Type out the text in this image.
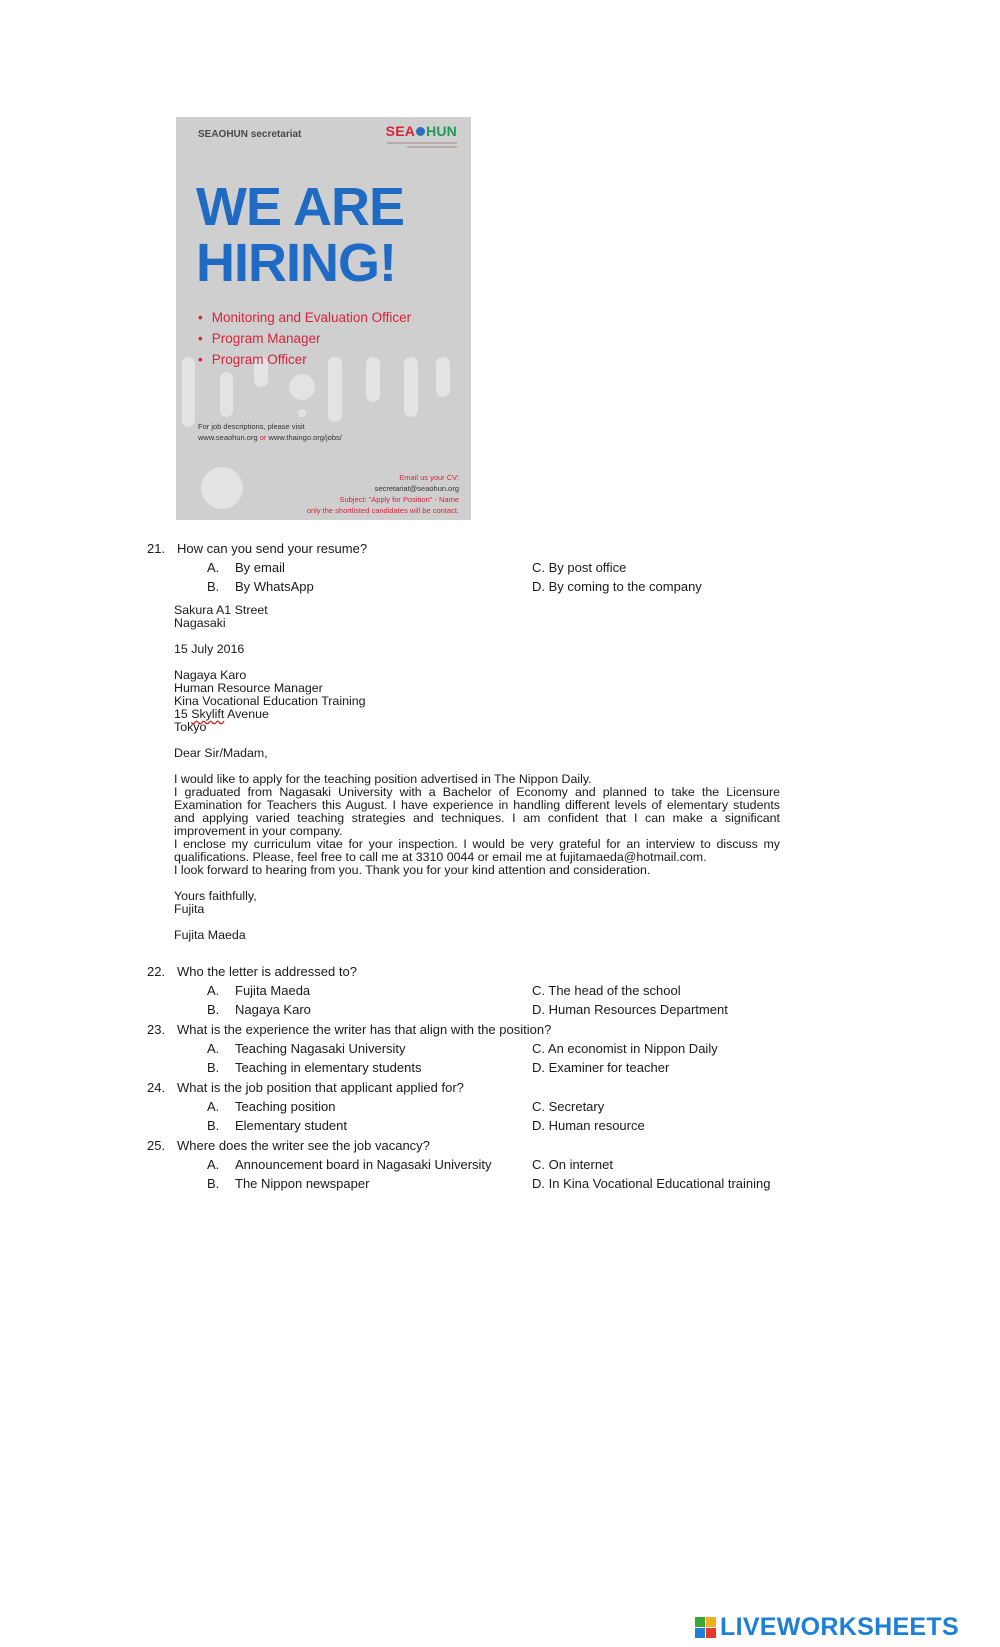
SEAOHUN secretariat	SEA HUN
WE ARE
HIRING!
• Monitoring and Evaluation Officer
• Program Manager
• Program Officer
For job descriptions, please visit
www.seaohun.org or www.thaingo.org/jobs/
Email us your CV:
secretariat@seaohun.org
Subject: "Apply for Position" - Name
only the shortlisted candidates will be contact.
21. How can you send your resume?
A. By email	C. By post office
B. By WhatsApp	D. By coming to the company
Sakura A1 Street
Nagasaki
15 July 2016
Nagaya Karo
Human Resource Manager
Kina Vocational Education Training
15 Skylift Avenue
Tokyo
Dear Sir/Madam,
I would like to apply for the teaching position advertised in The Nippon Daily.
I graduated from Nagasaki University with a Bachelor of Economy and planned to take the Licensure Examination for Teachers this August. I have experience in handling different levels of elementary students and applying varied teaching strategies and techniques. I am confident that I can make a significant improvement in your company.
I enclose my curriculum vitae for your inspection. I would be very grateful for an interview to discuss my qualifications. Please, feel free to call me at 3310 0044 or email me at fujitamaeda@hotmail.com.
I look forward to hearing from you. Thank you for your kind attention and consideration.
Yours faithfully,
Fujita
Fujita Maeda
22. Who the letter is addressed to?
A. Fujita Maeda	C. The head of the school
B. Nagaya Karo	D. Human Resources Department
23. What is the experience the writer has that align with the position?
A. Teaching Nagasaki University	C. An economist in Nippon Daily
B. Teaching in elementary students	D. Examiner for teacher
24. What is the job position that applicant applied for?
A. Teaching position	C. Secretary
B. Elementary student	D. Human resource
25. Where does the writer see the job vacancy?
A. Announcement board in Nagasaki University	C. On internet
B. The Nippon newspaper	D. In Kina Vocational Educational training
LIVEWORKSHEETS
